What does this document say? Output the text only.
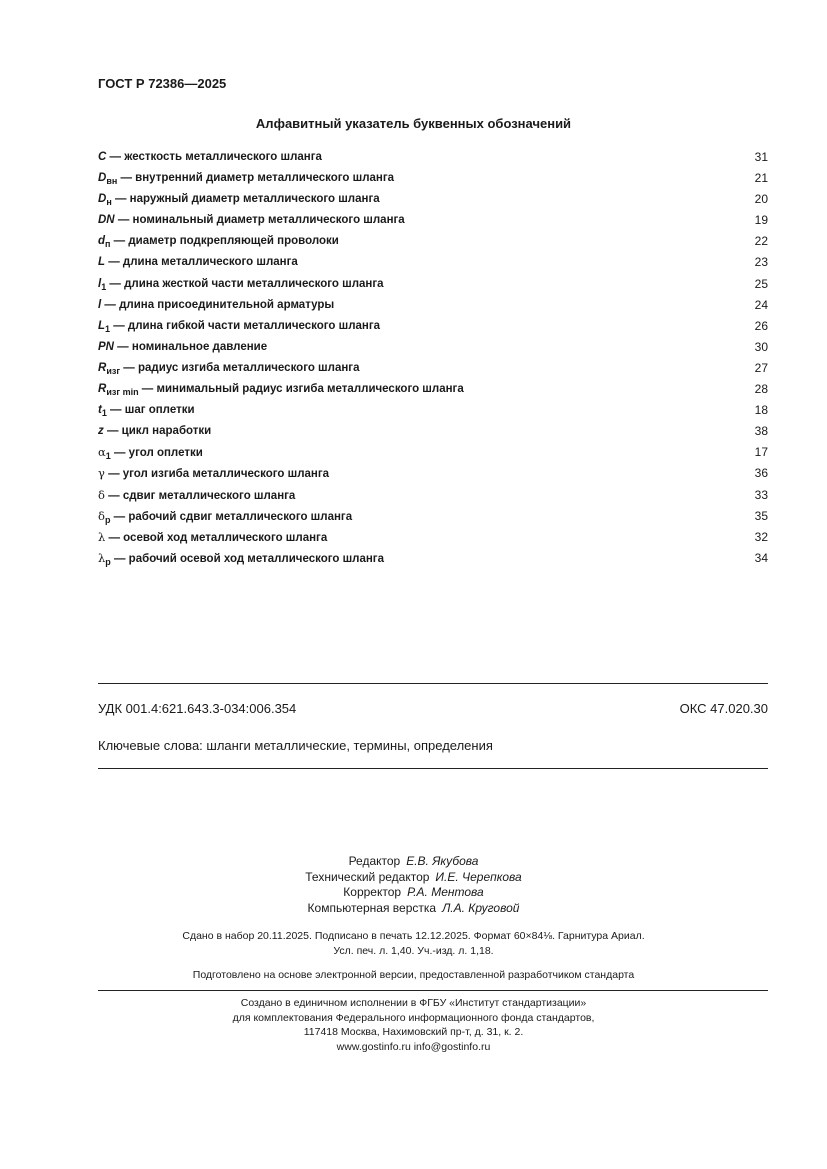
ГОСТ Р 72386—2025
Алфавитный указатель буквенных обозначений
C — жесткость металлического шланга	31
$D_{вн}$ — внутренний диаметр металлического шланга	21
$D_н$ — наружный диаметр металлического шланга	20
DN — номинальный диаметр металлического шланга	19
$d_п$ — диаметр подкрепляющей проволоки	22
L — длина металлического шланга	23
$l_1$ — длина жесткой части металлического шланга	25
l — длина присоединительной арматуры	24
$L_1$ — длина гибкой части металлического шланга	26
PN — номинальное давление	30
$R_{изг}$ — радиус изгиба металлического шланга	27
$R_{изг min}$ — минимальный радиус изгиба металлического шланга	28
$t_1$ — шаг оплетки	18
z — цикл наработки	38
$\alpha_1$ — угол оплетки	17
γ — угол изгиба металлического шланга	36
δ — сдвиг металлического шланга	33
$\delta_р$ — рабочий сдвиг металлического шланга	35
λ — осевой ход металлического шланга	32
$\lambda_р$ — рабочий осевой ход металлического шланга	34
УДК 001.4:621.643.3-034:006.354	ОКС 47.020.30
Ключевые слова: шланги металлические, термины, определения
Редактор Е.В. Якубова
Технический редактор И.Е. Черепкова
Корректор Р.А. Ментова
Компьютерная верстка Л.А. Круговой
Сдано в набор 20.11.2025. Подписано в печать 12.12.2025. Формат 60×84⅛. Гарнитура Ариал.
Усл. печ. л. 1,40. Уч.-изд. л. 1,18.
Подготовлено на основе электронной версии, предоставленной разработчиком стандарта
Создано в единичном исполнении в ФГБУ «Институт стандартизации»
для комплектования Федерального информационного фонда стандартов,
117418 Москва, Нахимовский пр-т, д. 31, к. 2.
www.gostinfo.ru info@gostinfo.ru
